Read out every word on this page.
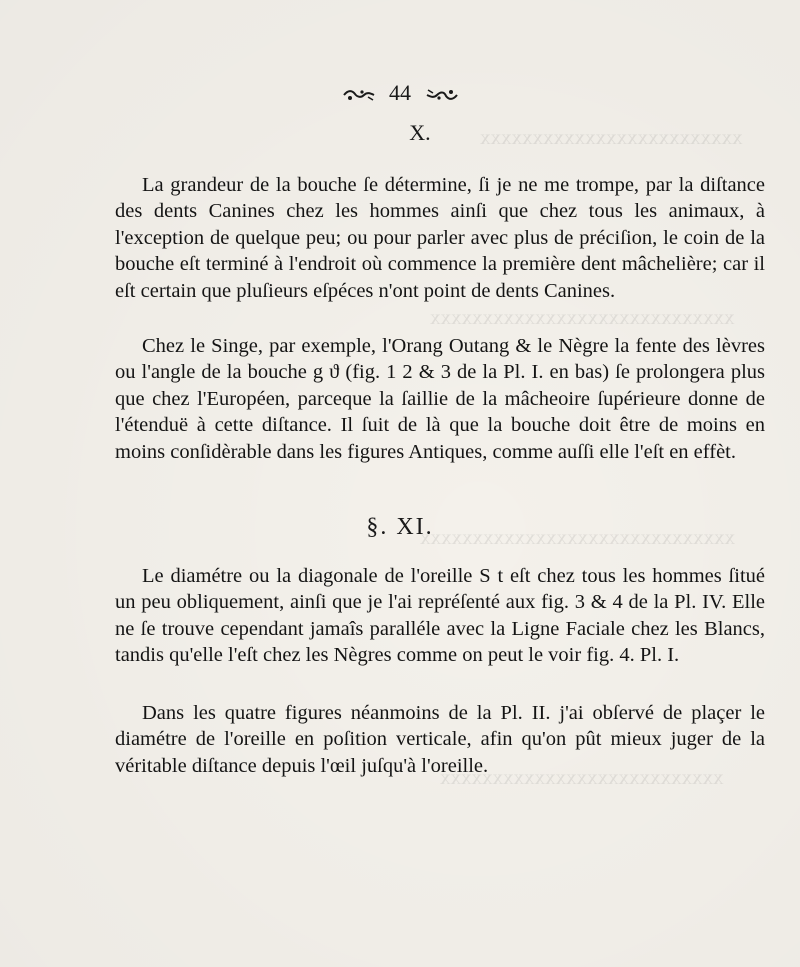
xxxxxxxxxxxxxxxxxxxxxxxxx
xxxxxxxxxxxxxxxxxxxxxxxxxxxxx
xxxxxxxxxxxxxxxxxxxxxxxxxxxxxx
xxxxxxxxxxxxxxxxxxxxxxxxxxx
44
X.

La grandeur de la bouche ſe détermine, ſi je ne me trompe, par la diſtance des dents Canines chez les hommes ainſi que chez tous les animaux, à l'exception de quelque peu; ou pour parler avec plus de préciſion, le coin de la bouche eſt terminé à l'endroit où commence la première dent mâchelière; car il eſt certain que pluſieurs eſpéces n'ont point de dents Canines.

Chez le Singe, par exemple, l'Orang Outang & le Nègre la fente des lèvres ou l'angle de la bouche g ϑ (fig. 1 2 & 3 de la Pl. I. en bas) ſe prolongera plus que chez l'Européen, parceque la ſaillie de la mâcheoire ſupérieure donne de l'étenduë à cette diſtance. Il ſuit de là que la bouche doit être de moins en moins conſidèrable dans les figures Antiques, comme auſſi elle l'eſt en effèt.

§. XI.

Le diamétre ou la diagonale de l'oreille S t eſt chez tous les hommes ſitué un peu obliquement, ainſi que je l'ai repréſenté aux fig. 3 & 4 de la Pl. IV. Elle ne ſe trouve cependant jamaîs paralléle avec la Ligne Faciale chez les Blancs, tandis qu'elle l'eſt chez les Nègres comme on peut le voir fig. 4. Pl. I.

Dans les quatre figures néanmoins de la Pl. II. j'ai obſervé de plaçer le diamétre de l'oreille en poſition verticale, afin qu'on pût mieux juger de la véritable diſtance depuis l'œil juſqu'à l'oreille.
